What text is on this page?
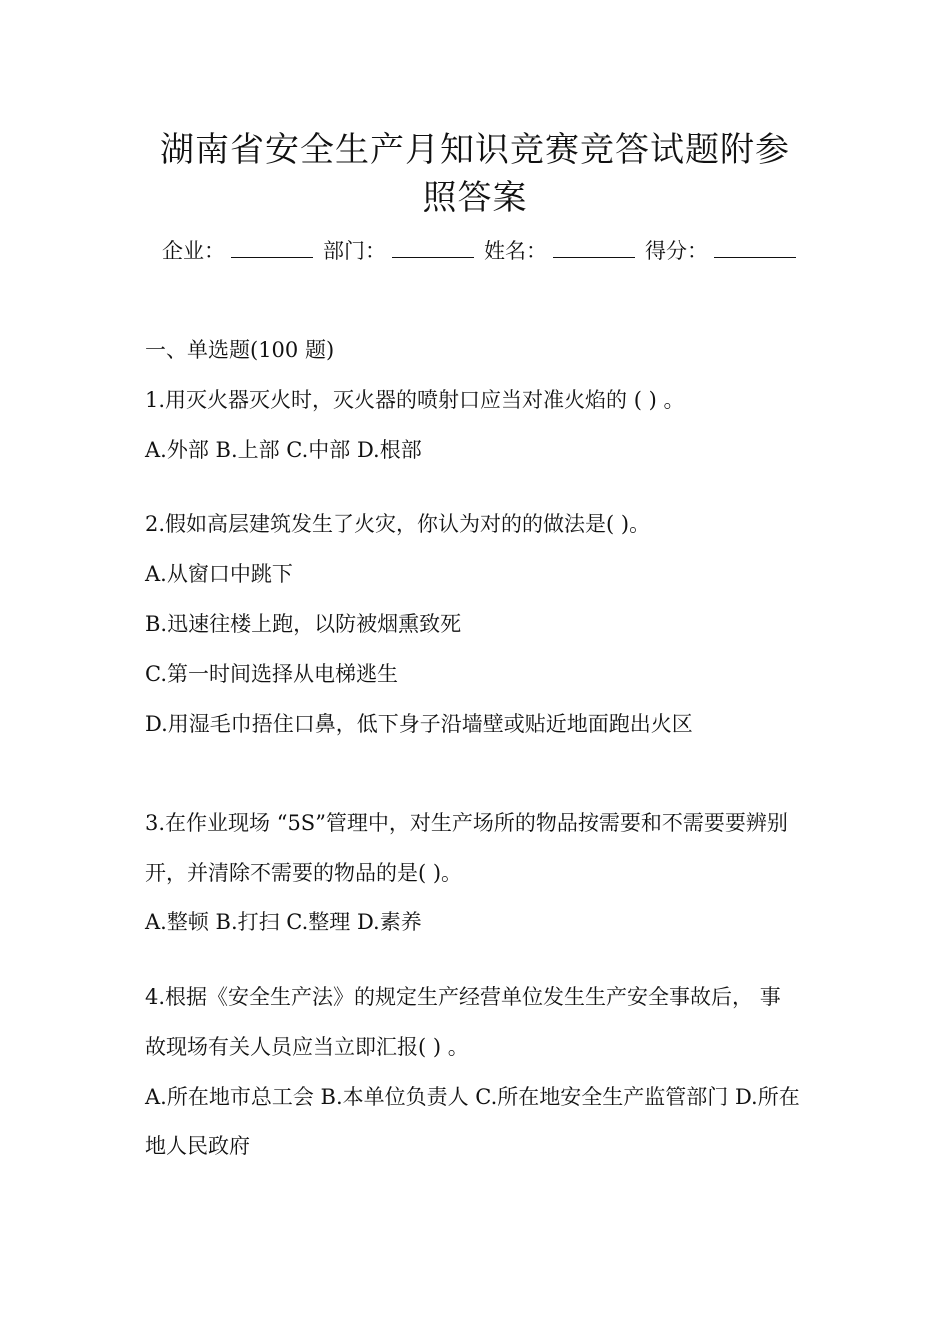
湖南省安全生产月知识竞赛竞答试题附参照答案
企业：	部门：	姓名：	得分：

一、单选题(100 题)

1.用灭火器灭火时，灭火器的喷射口应当对准火焰的 ( ) 。

A.外部 B.上部 C.中部 D.根部

2.假如高层建筑发生了火灾，你认为对的的做法是( )。

A.从窗口中跳下

B.迅速往楼上跑，以防被烟熏致死

C.第一时间选择从电梯逃生

D.用湿毛巾捂住口鼻，低下身子沿墙壁或贴近地面跑出火区

3.在作业现场 “5S”管理中，对生产场所的物品按需要和不需要要辨别

开，并清除不需要的物品的是( )。

A.整顿 B.打扫 C.整理 D.素养

4.根据《安全生产法》的规定生产经营单位发生生产安全事故后， 事

故现场有关人员应当立即汇报( ) 。

A.所在地市总工会 B.本单位负责人 C.所在地安全生产监管部门 D.所在

地人民政府
